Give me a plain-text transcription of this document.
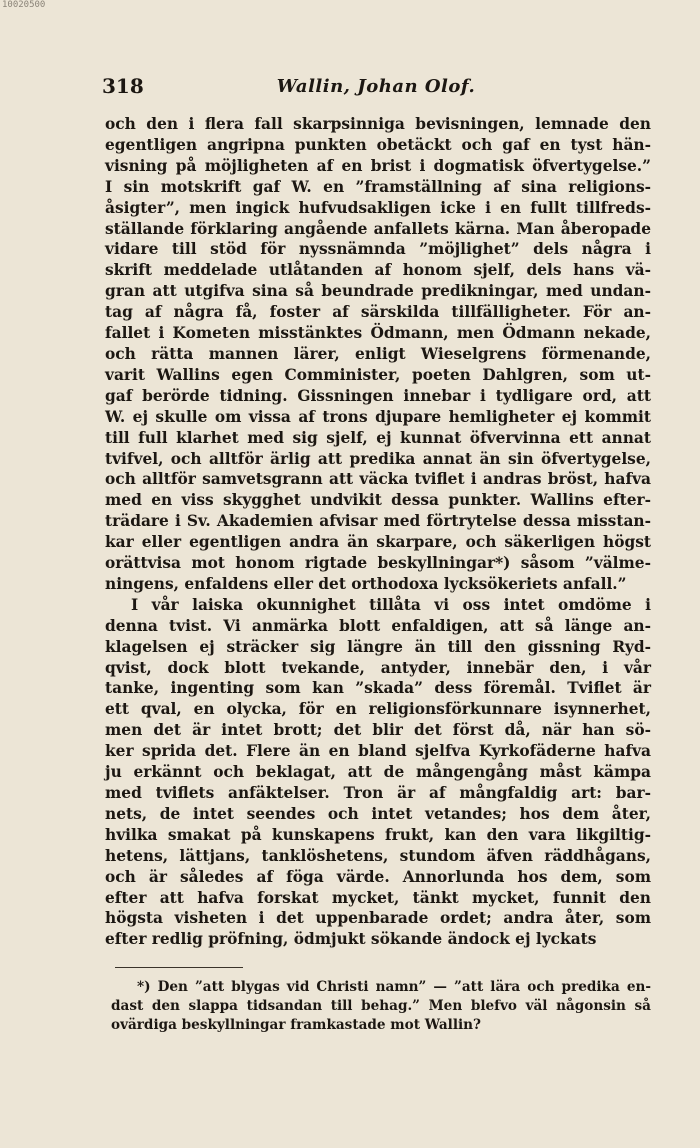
10020500
318	Wallin, Johan Olof.
och den i flera fall skarpsinniga bevisningen, lemnade den
egentligen angripna punkten obetäckt och gaf en tyst hän-
visning på möjligheten af en brist i dogmatisk öfvertygelse.”
I sin motskrift gaf W. en ”framställning af sina religions-
åsigter”, men ingick hufvudsakligen icke i en fullt tillfreds-
ställande förklaring angående anfallets kärna. Man åberopade
vidare till stöd för nyssnämnda ”möjlighet” dels några i
skrift meddelade utlåtanden af honom sjelf, dels hans vä-
gran att utgifva sina så beundrade predikningar, med undan-
tag af några få, foster af särskilda tillfälligheter. För an-
fallet i Kometen misstänktes Ödmann, men Ödmann nekade,
och rätta mannen lärer, enligt Wieselgrens förmenande,
varit Wallins egen Comminister, poeten Dahlgren, som ut-
gaf berörde tidning. Gissningen innebar i tydligare ord, att
W. ej skulle om vissa af trons djupare hemligheter ej kommit
till full klarhet med sig sjelf, ej kunnat öfvervinna ett annat
tvifvel, och alltför ärlig att predika annat än sin öfvertygelse,
och alltför samvetsgrann att väcka tviflet i andras bröst, hafva
med en viss skygghet undvikit dessa punkter. Wallins efter-
trädare i Sv. Akademien afvisar med förtrytelse dessa misstan-
kar eller egentligen andra än skarpare, och säkerligen högst
orättvisa mot honom rigtade beskyllningar*) såsom ”välme-
ningens, enfaldens eller det orthodoxa lycksökeriets anfall.”
I vår laiska okunnighet tillåta vi oss intet omdöme i
denna tvist. Vi anmärka blott enfaldigen, att så länge an-
klagelsen ej sträcker sig längre än till den gissning Ryd-
qvist, dock blott tvekande, antyder, innebär den, i vår
tanke, ingenting som kan ”skada” dess föremål. Tviflet är
ett qval, en olycka, för en religionsförkunnare isynnerhet,
men det är intet brott; det blir det först då, när han sö-
ker sprida det. Flere än en bland sjelfva Kyrkofäderne hafva
ju erkännt och beklagat, att de mångengång måst kämpa
med tviflets anfäktelser. Tron är af mångfaldig art: bar-
nets, de intet seendes och intet vetandes; hos dem åter,
hvilka smakat på kunskapens frukt, kan den vara likgiltig-
hetens, lättjans, tanklöshetens, stundom äfven räddhågans,
och är således af föga värde. Annorlunda hos dem, som
efter att hafva forskat mycket, tänkt mycket, funnit den
högsta visheten i det uppenbarade ordet; andra åter, som
efter redlig pröfning, ödmjukt sökande ändock ej lyckats
*) Den ”att blygas vid Christi namn” — ”att lära och predika en-
dast den slappa tidsandan till behag.” Men blefvo väl någonsin så
ovärdiga beskyllningar framkastade mot Wallin?
